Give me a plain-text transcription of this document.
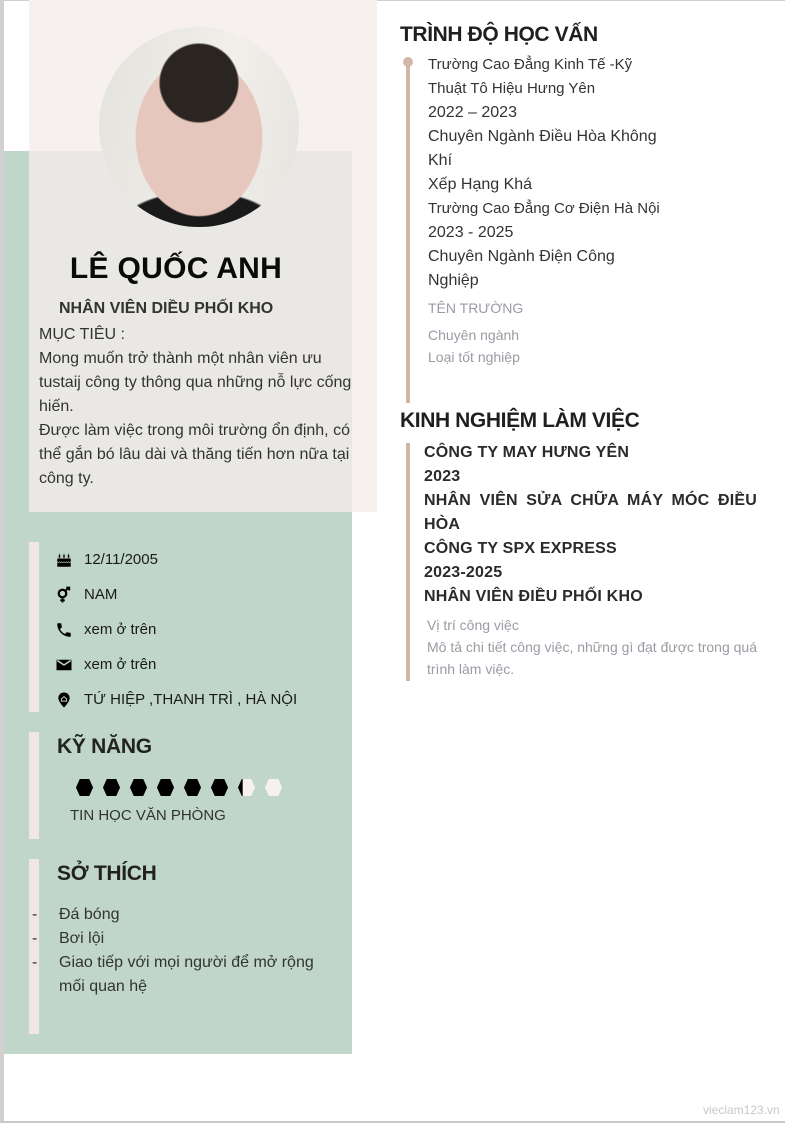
LÊ QUỐC ANH
NHÂN VIÊN DIỀU PHỐI KHO
MỤC TIÊU :
Mong muốn trở thành một nhân viên ưu tustaij công ty thông qua những nỗ lực cống hiến.
Được làm việc trong môi trường ổn định, có thể gắn bó lâu dài và thăng tiến hơn nữa tại công ty.
12/11/2005
NAM
xem ở trên
xem ở trên
TỨ HIỆP ,THANH TRÌ , HÀ NỘI
KỸ NĂNG
TIN HỌC VĂN PHÒNG
SỞ THÍCH
-	Đá bóng
-	Bơi lội
-	Giao tiếp với mọi người để mở rộng mối quan hệ
TRÌNH ĐỘ HỌC VẤN
Trường Cao Đẳng Kinh Tế -Kỹ Thuật Tô Hiệu Hưng Yên
2022 – 2023
Chuyên Ngành Điều Hòa Không Khí
Xếp Hạng Khá
Trường Cao Đẳng Cơ Điện Hà Nội
2023 - 2025
Chuyên Ngành Điện Công Nghiệp
TÊN TRƯỜNG
Chuyên ngành
Loại tốt nghiệp
KINH NGHIỆM LÀM VIỆC
CÔNG TY MAY HƯNG YÊN
2023
NHÂN VIÊN SỬA CHỮA MÁY MÓC ĐIỀU HÒA
CÔNG TY SPX EXPRESS
2023-2025
NHÂN VIÊN ĐIỀU PHỐI KHO
Vị trí công việc
Mô tả chi tiết công việc, những gì đạt được trong quá trình làm việc.
vieclam123.vn
